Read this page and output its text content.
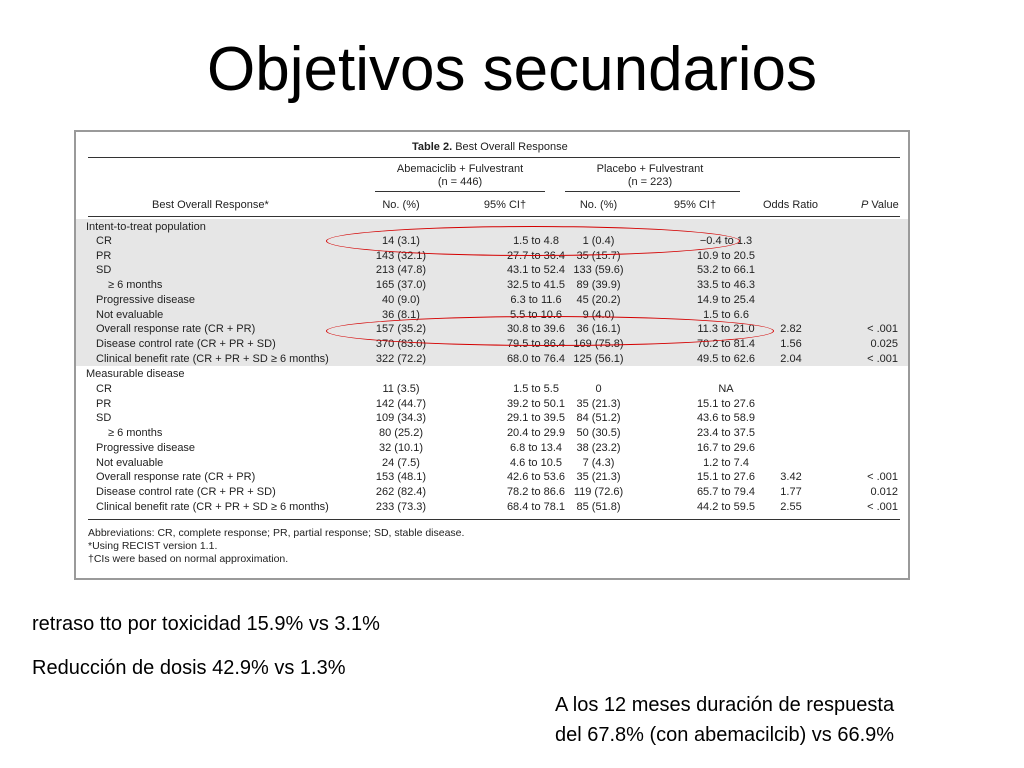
Objetivos secundarios
Table 2. Best Overall Response
Abemaciclib + Fulvestrant
(n = 446)
Placebo + Fulvestrant
(n = 223)
Best Overall Response*	No. (%)	95% CI†	No. (%)	95% CI†	Odds Ratio	P Value
Intent-to-treat population
CR	14 (3.1)	1.5 to 4.8	1 (0.4)	−0.4 to 1.3
PR	143 (32.1)	27.7 to 36.4	35 (15.7)	10.9 to 20.5
SD	213 (47.8)	43.1 to 52.4 133 (59.6)	53.2 to 66.1
≥ 6 months	165 (37.0)	32.5 to 41.5	89 (39.9)	33.5 to 46.3
Progressive disease	40 (9.0)	6.3 to 11.6	45 (20.2)	14.9 to 25.4
Not evaluable	36 (8.1)	5.5 to 10.6	9 (4.0)	1.5 to 6.6
Overall response rate (CR + PR)	157 (35.2)	30.8 to 39.6	36 (16.1)	11.3 to 21.0	2.82	< .001
Disease control rate (CR + PR + SD)	370 (83.0)	79.5 to 86.4 169 (75.8)	70.2 to 81.4	1.56	0.025
Clinical benefit rate (CR + PR + SD ≥ 6 months)	322 (72.2)	68.0 to 76.4 125 (56.1)	49.5 to 62.6	2.04	< .001
Measurable disease
CR	11 (3.5)	1.5 to 5.5	0	NA
PR	142 (44.7)	39.2 to 50.1	35 (21.3)	15.1 to 27.6
SD	109 (34.3)	29.1 to 39.5	84 (51.2)	43.6 to 58.9
≥ 6 months	80 (25.2)	20.4 to 29.9	50 (30.5)	23.4 to 37.5
Progressive disease	32 (10.1)	6.8 to 13.4	38 (23.2)	16.7 to 29.6
Not evaluable	24 (7.5)	4.6 to 10.5	7 (4.3)	1.2 to 7.4
Overall response rate (CR + PR)	153 (48.1)	42.6 to 53.6	35 (21.3)	15.1 to 27.6	3.42	< .001
Disease control rate (CR + PR + SD)	262 (82.4)	78.2 to 86.6 119 (72.6)	65.7 to 79.4	1.77	0.012
Clinical benefit rate (CR + PR + SD ≥ 6 months)	233 (73.3)	68.4 to 78.1	85 (51.8)	44.2 to 59.5	2.55	< .001
Abbreviations: CR, complete response; PR, partial response; SD, stable disease.
*Using RECIST version 1.1.
†CIs were based on normal approximation.
retraso tto por toxicidad 15.9% vs 3.1%
Reducción de dosis 42.9% vs 1.3%
A los 12 meses duración de respuesta
del 67.8% (con abemacilcib) vs 66.9%
